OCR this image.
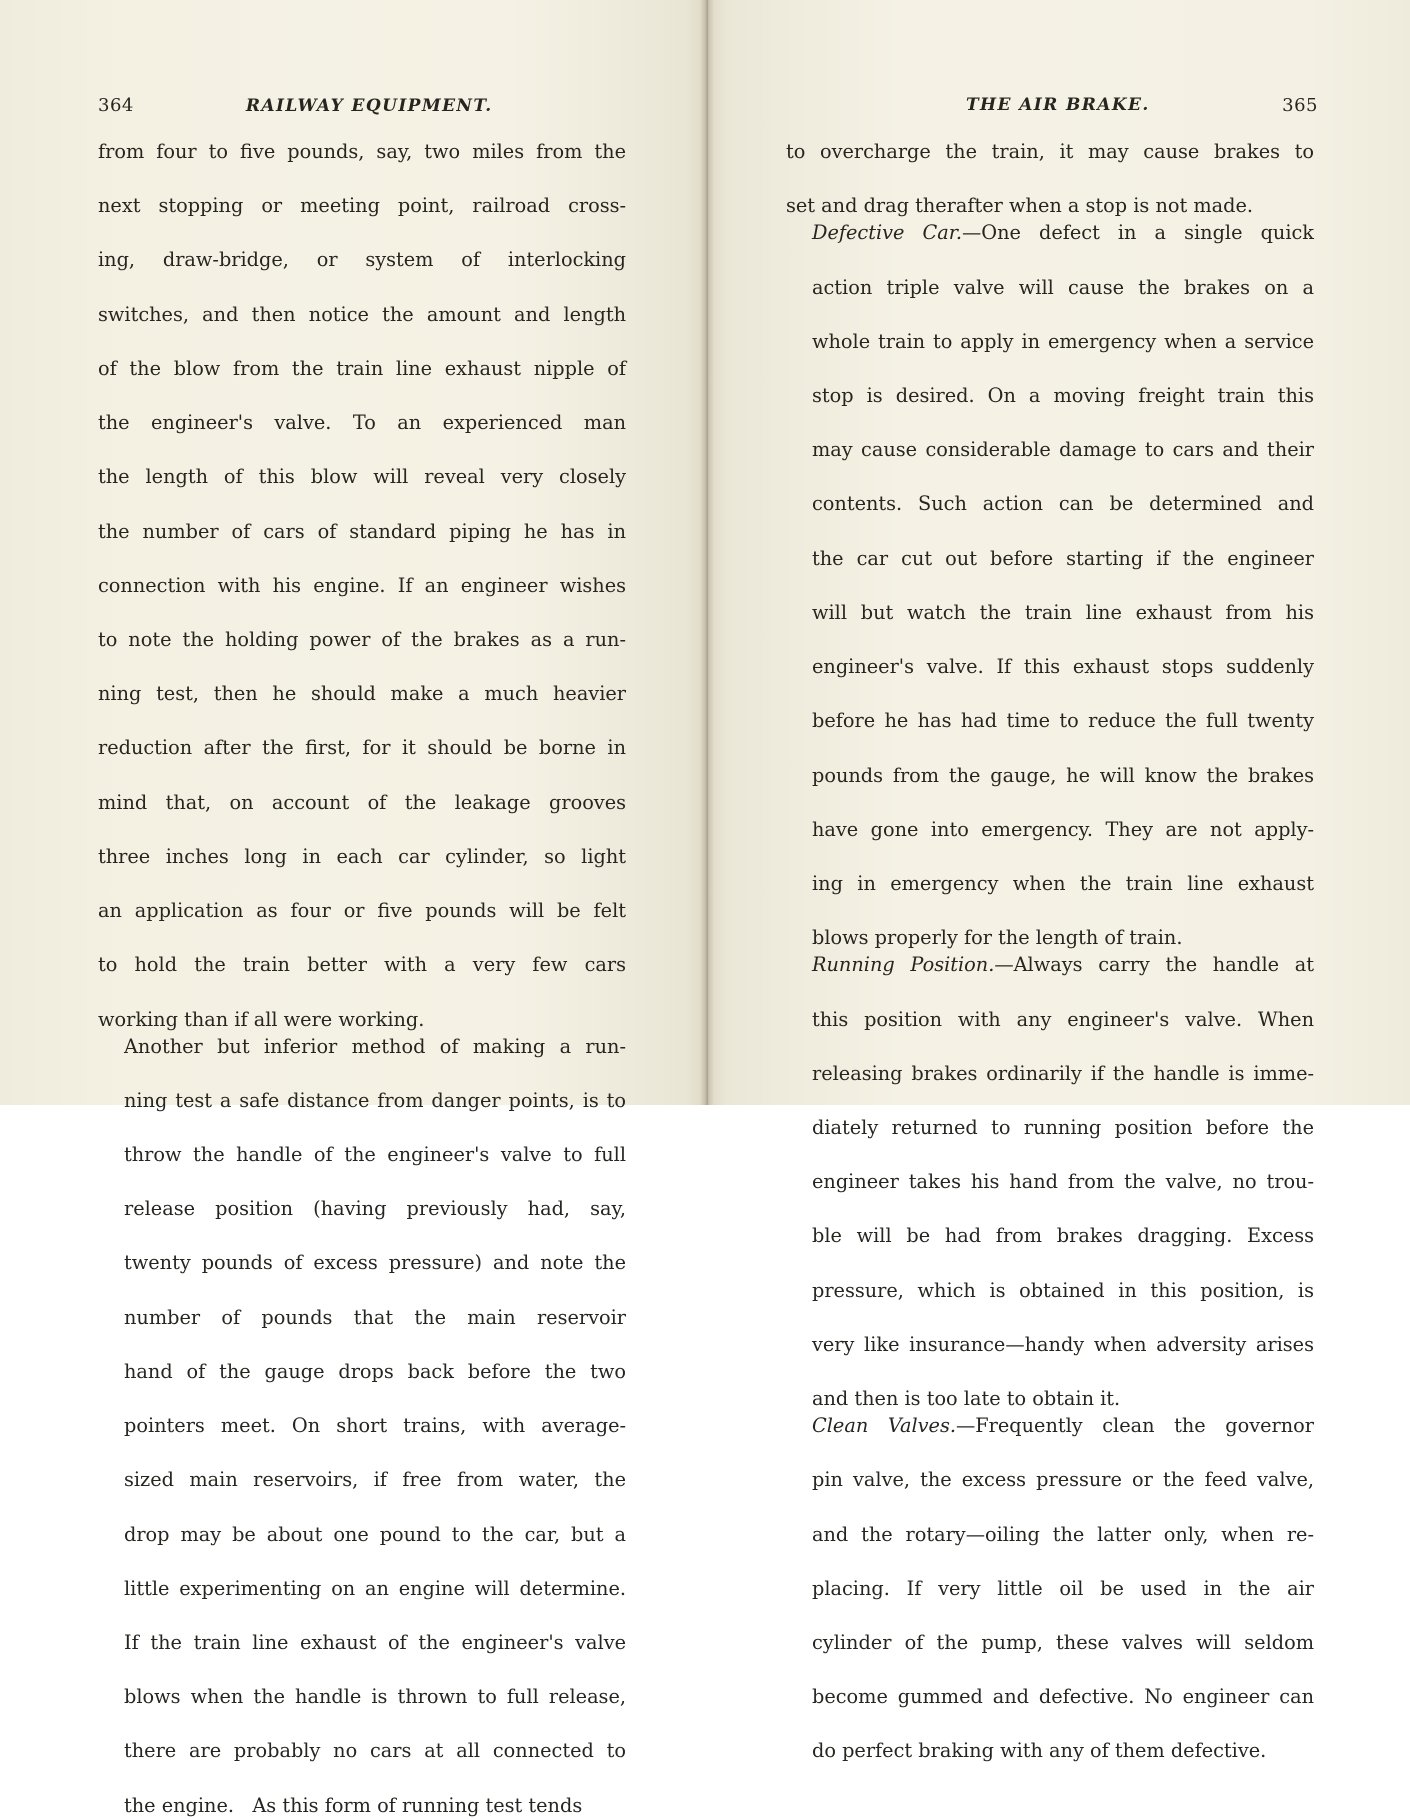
364	RAILWAY EQUIPMENT.	THE AIR BRAKE.	365

from four to five pounds, say, two miles from the
next stopping or meeting point, railroad cross-
ing, draw-bridge, or system of interlocking
switches, and then notice the amount and length
of the blow from the train line exhaust nipple of
the engineer's valve. To an experienced man
the length of this blow will reveal very closely
the number of cars of standard piping he has in
connection with his engine. If an engineer wishes
to note the holding power of the brakes as a run-
ning test, then he should make a much heavier
reduction after the first, for it should be borne in
mind that, on account of the leakage grooves
three inches long in each car cylinder, so light
an application as four or five pounds will be felt
to hold the train better with a very few cars
working than if all were working.

Another but inferior method of making a run-
ning test a safe distance from danger points, is to
throw the handle of the engineer's valve to full
release position (having previously had, say,
twenty pounds of excess pressure) and note the
number of pounds that the main reservoir
hand of the gauge drops back before the two
pointers meet. On short trains, with average-
sized main reservoirs, if free from water, the
drop may be about one pound to the car, but a
little experimenting on an engine will determine.
If the train line exhaust of the engineer's valve
blows when the handle is thrown to full release,
there are probably no cars at all connected to
the engine.   As this form of running test tends

to overcharge the train, it may cause brakes to
set and drag therafter when a stop is not made.

Defective Car.—One defect in a single quick
action triple valve will cause the brakes on a
whole train to apply in emergency when a service
stop is desired. On a moving freight train this
may cause considerable damage to cars and their
contents. Such action can be determined and
the car cut out before starting if the engineer
will but watch the train line exhaust from his
engineer's valve. If this exhaust stops suddenly
before he has had time to reduce the full twenty
pounds from the gauge, he will know the brakes
have gone into emergency. They are not apply-
ing in emergency when the train line exhaust
blows properly for the length of train.

Running Position.—Always carry the handle at
this position with any engineer's valve. When
releasing brakes ordinarily if the handle is imme-
diately returned to running position before the
engineer takes his hand from the valve, no trou-
ble will be had from brakes dragging. Excess
pressure, which is obtained in this position, is
very like insurance—handy when adversity arises
and then is too late to obtain it.

Clean Valves.—Frequently clean the governor
pin valve, the excess pressure or the feed valve,
and the rotary—oiling the latter only, when re-
placing. If very little oil be used in the air
cylinder of the pump, these valves will seldom
become gummed and defective. No engineer can
do perfect braking with any of them defective.
